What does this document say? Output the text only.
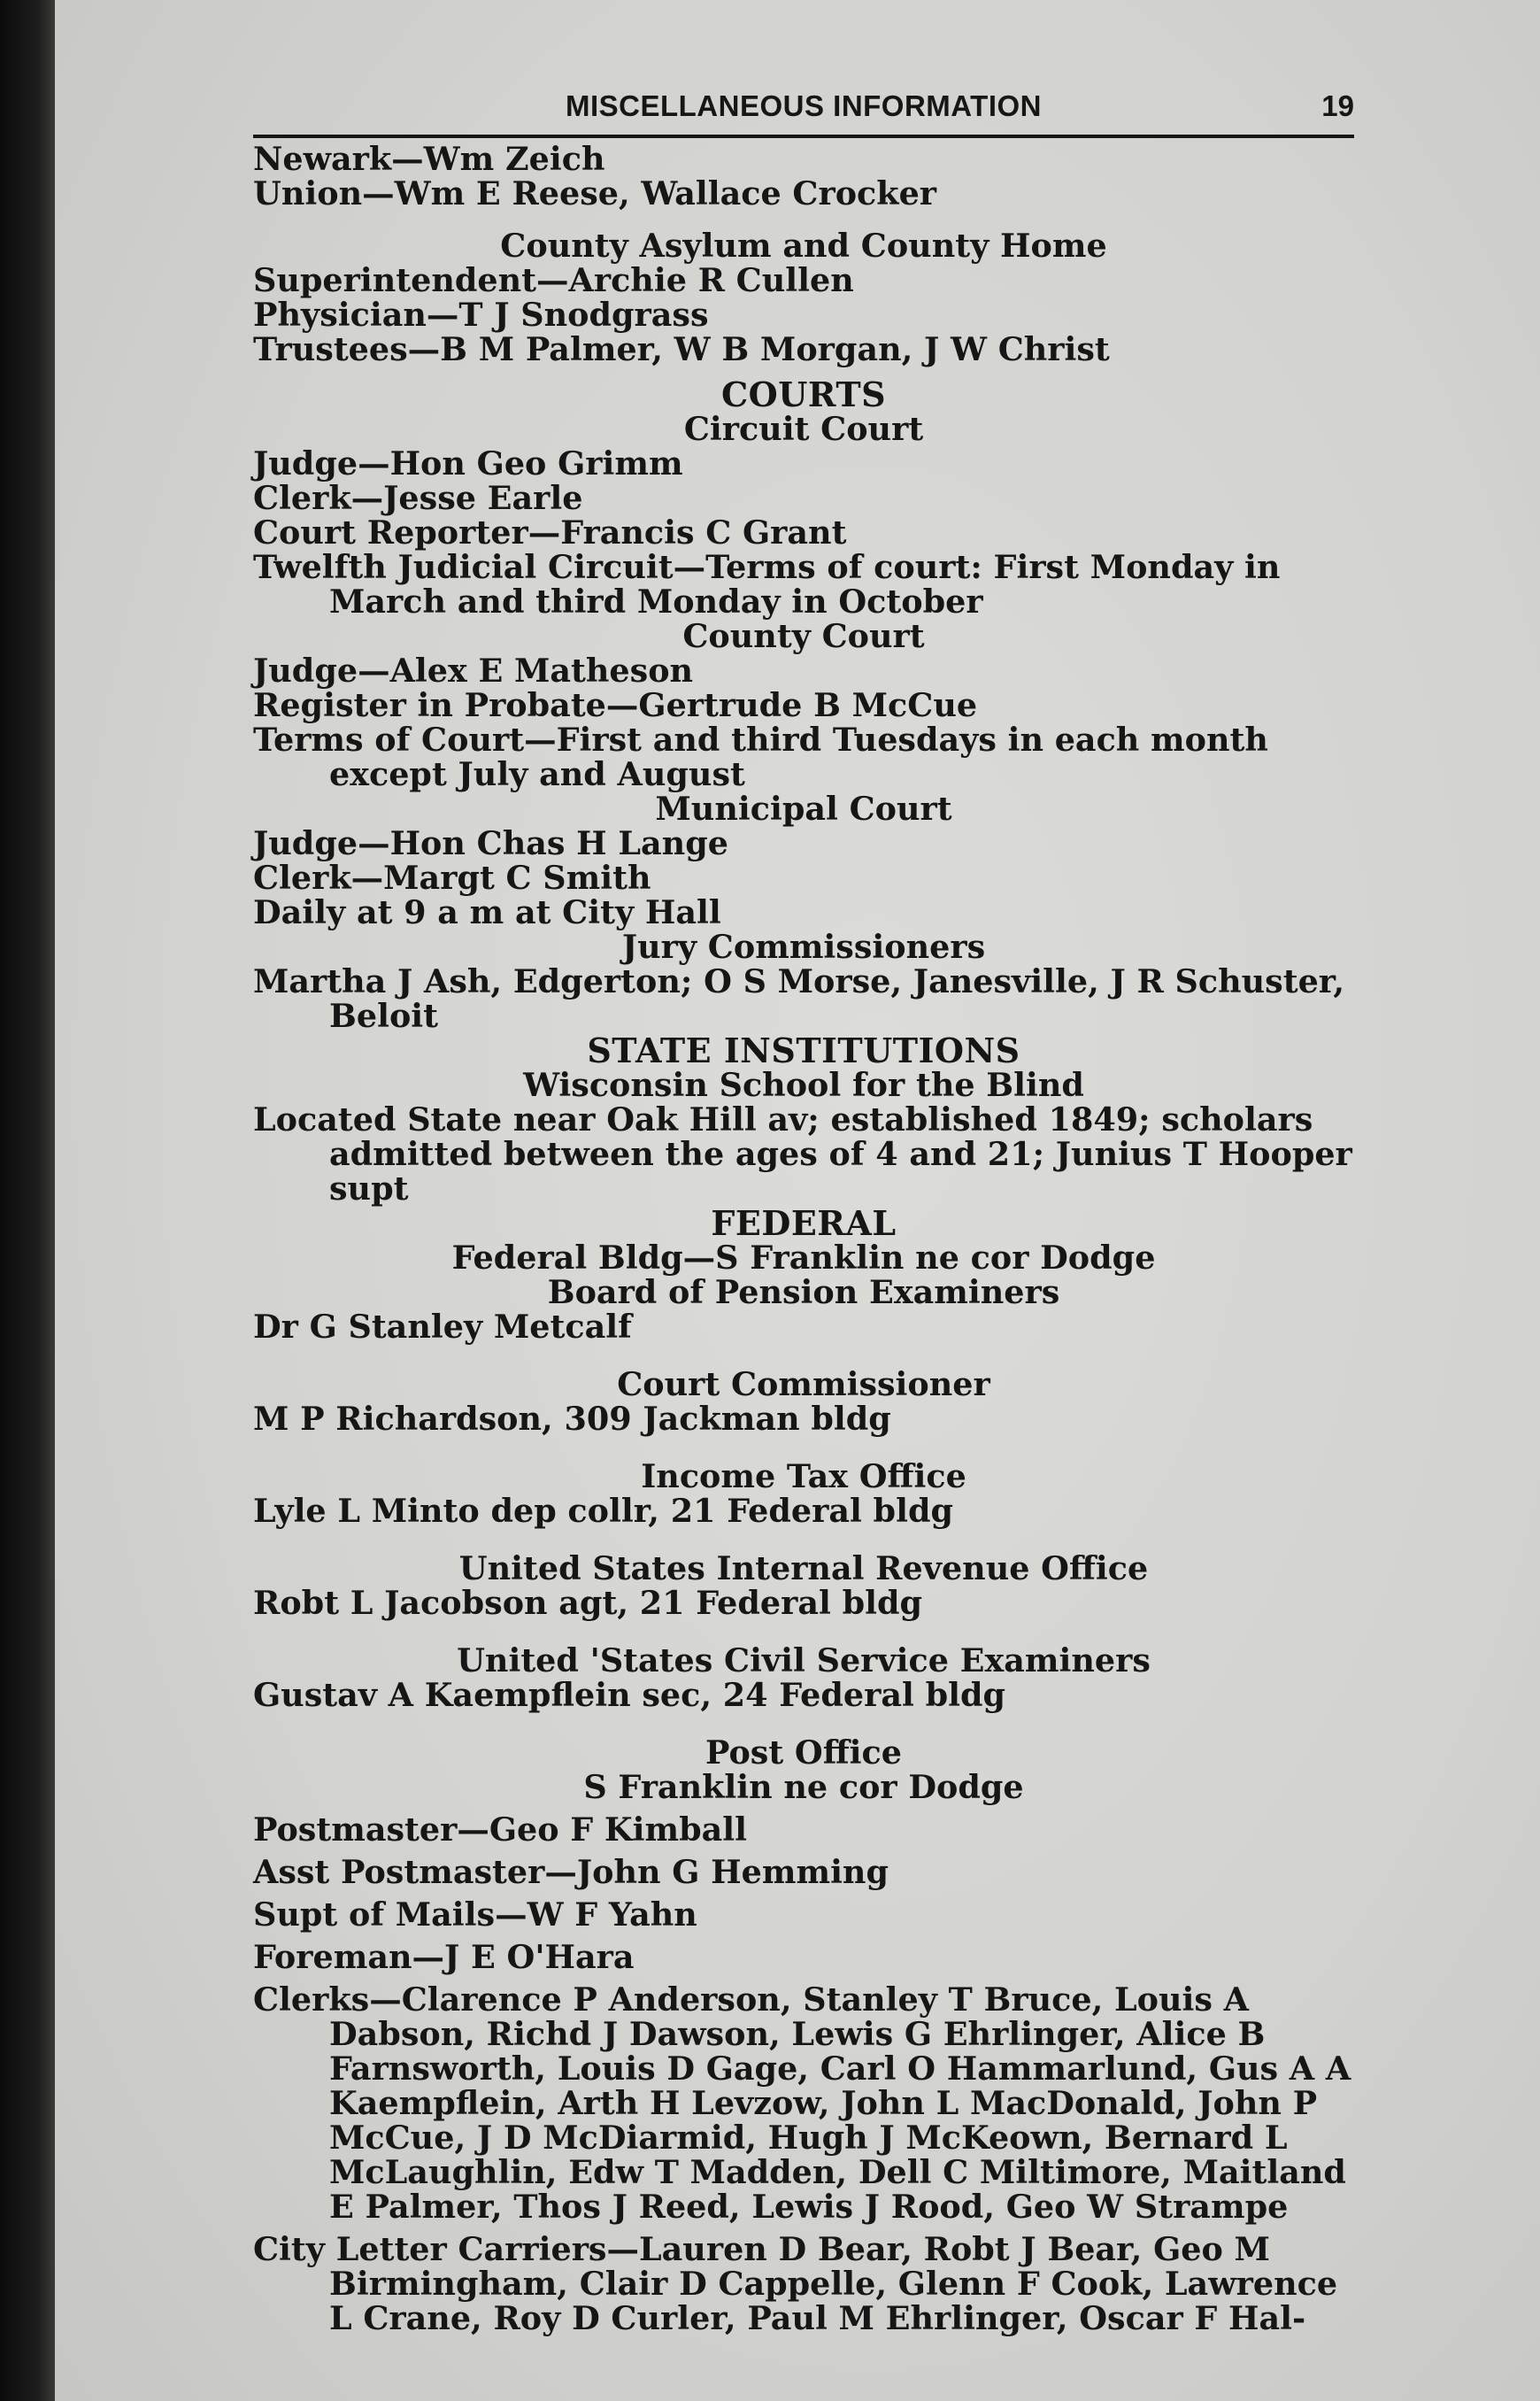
MISCELLANEOUS INFORMATION	19
Newark—Wm Zeich
Union—Wm E Reese, Wallace Crocker
County Asylum and County Home
Superintendent—Archie R Cullen
Physician—T J Snodgrass
Trustees—B M Palmer, W B Morgan, J W Christ
COURTS
Circuit Court
Judge—Hon Geo Grimm
Clerk—Jesse Earle
Court Reporter—Francis C Grant
Twelfth Judicial Circuit—Terms of court: First Monday in March and third Monday in October
County Court
Judge—Alex E Matheson
Register in Probate—Gertrude B McCue
Terms of Court—First and third Tuesdays in each month except July and August
Municipal Court
Judge—Hon Chas H Lange
Clerk—Margt C Smith
Daily at 9 a m at City Hall
Jury Commissioners
Martha J Ash, Edgerton; O S Morse, Janesville, J R Schuster, Beloit
STATE INSTITUTIONS
Wisconsin School for the Blind
Located State near Oak Hill av; established 1849; scholars admitted between the ages of 4 and 21; Junius T Hooper supt
FEDERAL
Federal Bldg—S Franklin ne cor Dodge
Board of Pension Examiners
Dr G Stanley Metcalf
Court Commissioner
M P Richardson, 309 Jackman bldg
Income Tax Office
Lyle L Minto dep collr, 21 Federal bldg
United States Internal Revenue Office
Robt L Jacobson agt, 21 Federal bldg
United 'States Civil Service Examiners
Gustav A Kaempflein sec, 24 Federal bldg
Post Office
S Franklin ne cor Dodge
Postmaster—Geo F Kimball
Asst Postmaster—John G Hemming
Supt of Mails—W F Yahn
Foreman—J E O'Hara
Clerks—Clarence P Anderson, Stanley T Bruce, Louis A Dabson, Richd J Dawson, Lewis G Ehrlinger, Alice B Farnsworth, Louis D Gage, Carl O Hammarlund, Gus A A Kaempflein, Arth H Levzow, John L MacDonald, John P McCue, J D McDiarmid, Hugh J McKeown, Bernard L McLaughlin, Edw T Madden, Dell C Miltimore, Maitland E Palmer, Thos J Reed, Lewis J Rood, Geo W Strampe
City Letter Carriers—Lauren D Bear, Robt J Bear, Geo M Birmingham, Clair D Cappelle, Glenn F Cook, Lawrence L Crane, Roy D Curler, Paul M Ehrlinger, Oscar F Hal-
